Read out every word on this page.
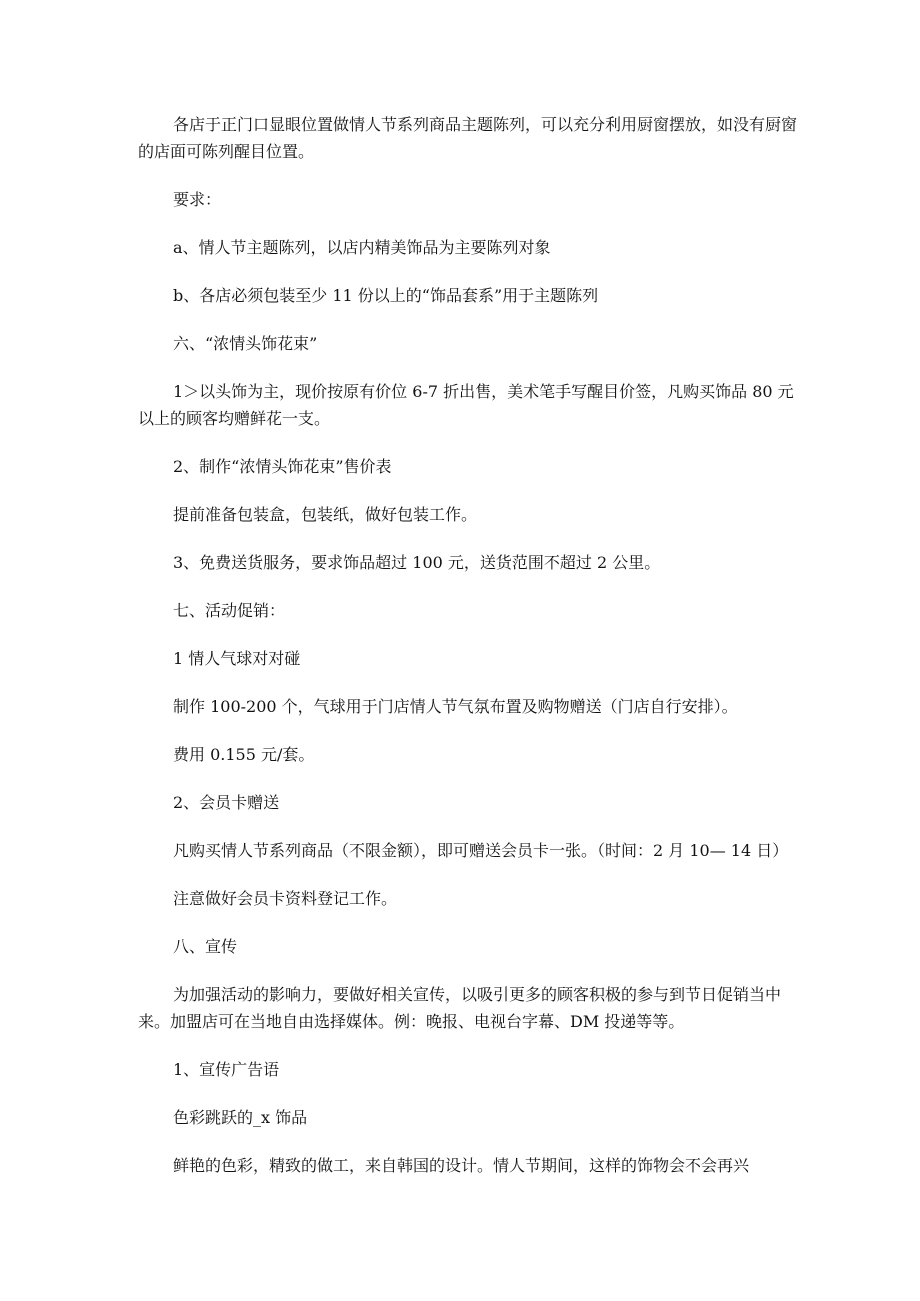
各店于正门口显眼位置做情人节系列商品主题陈列，可以充分利用厨窗摆放，如没有厨窗的店面可陈列醒目位置。

要求：

a、情人节主题陈列，以店内精美饰品为主要陈列对象

b、各店必须包装至少 11 份以上的“饰品套系”用于主题陈列

六、“浓情头饰花束”

1＞以头饰为主，现价按原有价位 6-7 折出售，美术笔手写醒目价签，凡购买饰品 80 元以上的顾客均赠鲜花一支。

2、制作“浓情头饰花束”售价表

提前准备包装盒，包装纸，做好包装工作。

3、免费送货服务，要求饰品超过 100 元，送货范围不超过 2 公里。

七、活动促销：

1 情人气球对对碰

制作 100-200 个，气球用于门店情人节气氛布置及购物赠送（门店自行安排）。

费用 0.155 元/套。

2、会员卡赠送

凡购买情人节系列商品（不限金额），即可赠送会员卡一张。（时间：2 月 10— 14 日）

注意做好会员卡资料登记工作。

八、宣传

为加强活动的影响力，要做好相关宣传，以吸引更多的顾客积极的参与到节日促销当中来。加盟店可在当地自由选择媒体。例：晚报、电视台字幕、DM 投递等等。

1、宣传广告语

色彩跳跃的_x 饰品

鲜艳的色彩，精致的做工，来自韩国的设计。情人节期间，这样的饰物会不会再兴
